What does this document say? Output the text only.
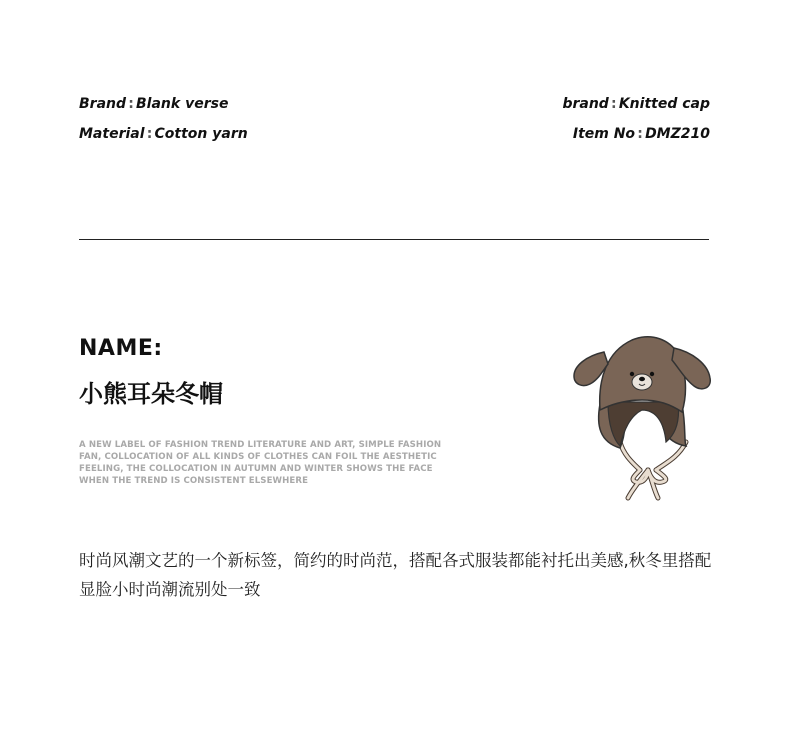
Brand : Blank verse
Material : Cotton yarn
brand : Knitted cap
Item No : DMZ210
NAME:
小熊耳朵冬帽
A NEW LABEL OF FASHION TREND LITERATURE AND ART, SIMPLE FASHION FAN, COLLOCATION OF ALL KINDS OF CLOTHES CAN FOIL THE AESTHETIC FEELING, THE COLLOCATION IN AUTUMN AND WINTER SHOWS THE FACE WHEN THE TREND IS CONSISTENT ELSEWHERE
时尚风潮文艺的一个新标签，简约的时尚范，搭配各式服装都能衬托出美感,秋冬里搭配显脸小时尚潮流别处一致
